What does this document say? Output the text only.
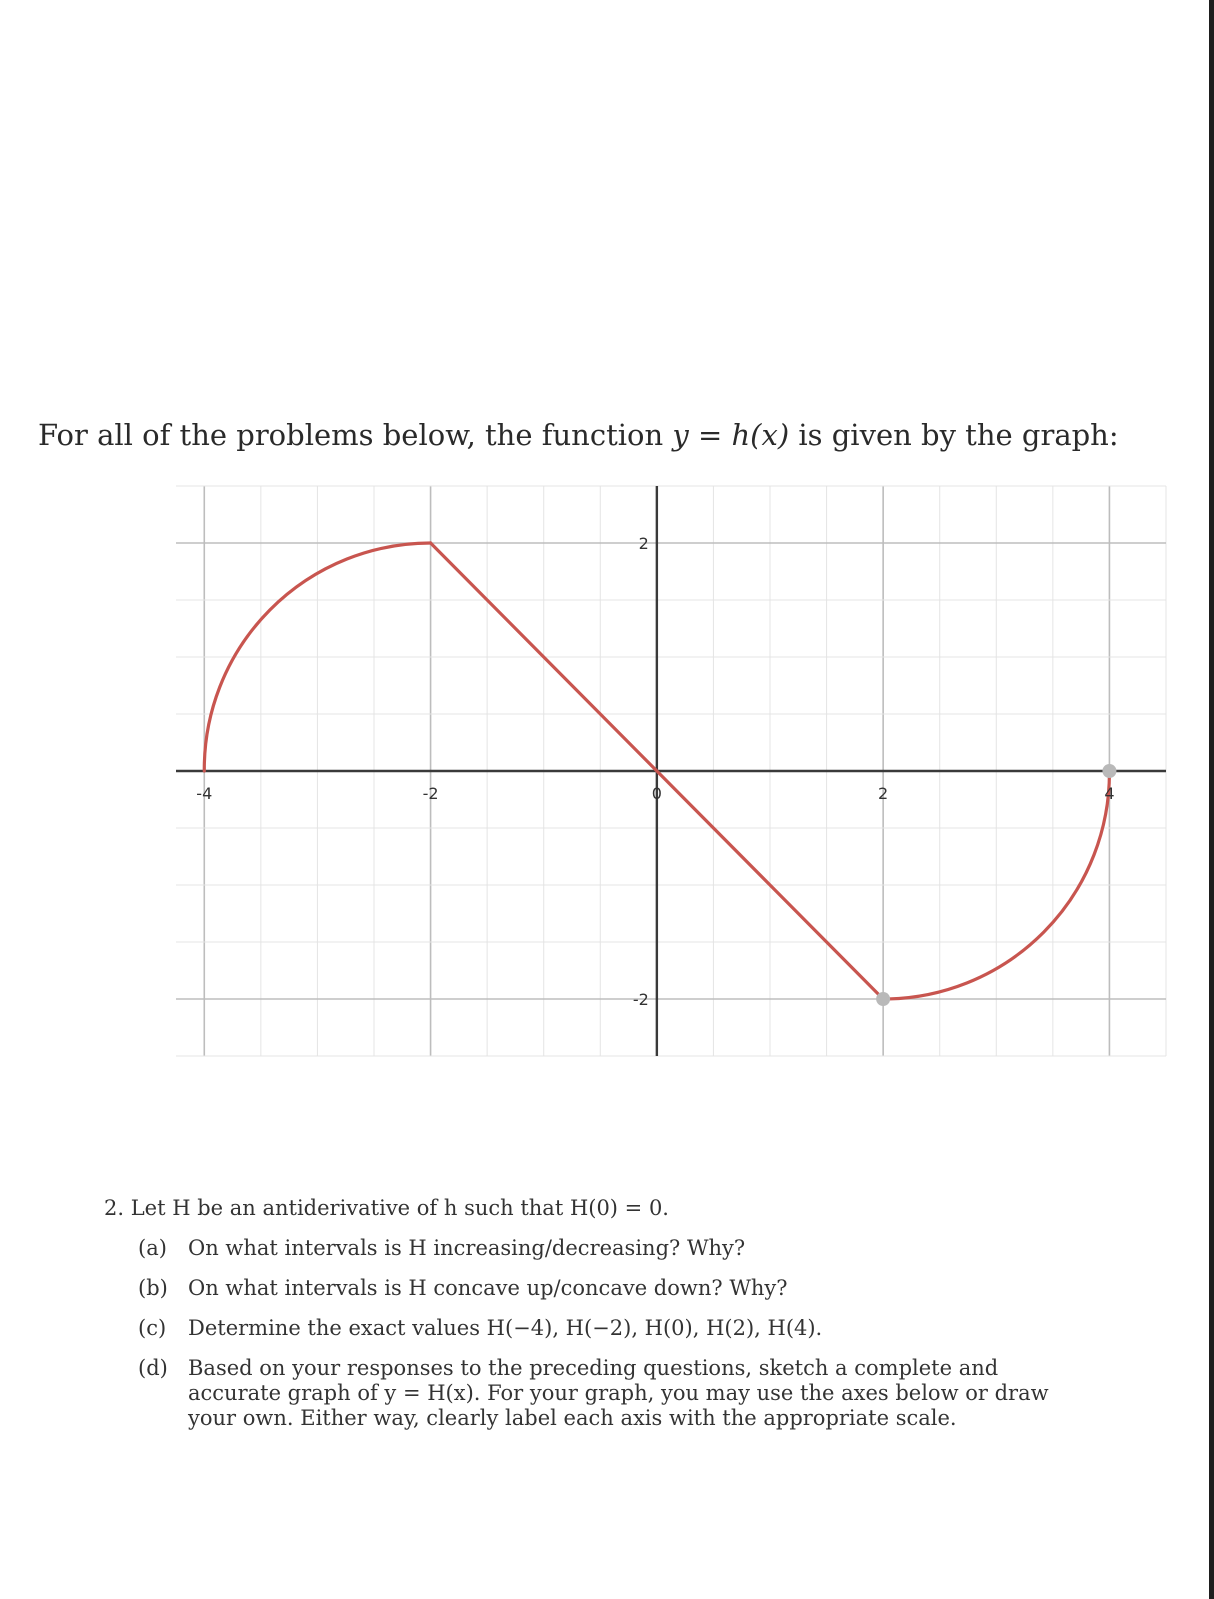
For all of the problems below, the function y = h(x) is given by the graph:
-4	-2	0	2	4
2
-2
2. Let H be an antiderivative of h such that H(0) = 0.
(a)	On what intervals is H increasing/decreasing? Why?
(b) On what intervals is H concave up/concave down? Why?
(c)	Determine the exact values H(−4), H(−2), H(0), H(2), H(4).
(d) Based on your responses to the preceding questions, sketch a complete and accurate graph of y = H(x). For your graph, you may use the axes below or draw your own. Either way, clearly label each axis with the appropriate scale.
